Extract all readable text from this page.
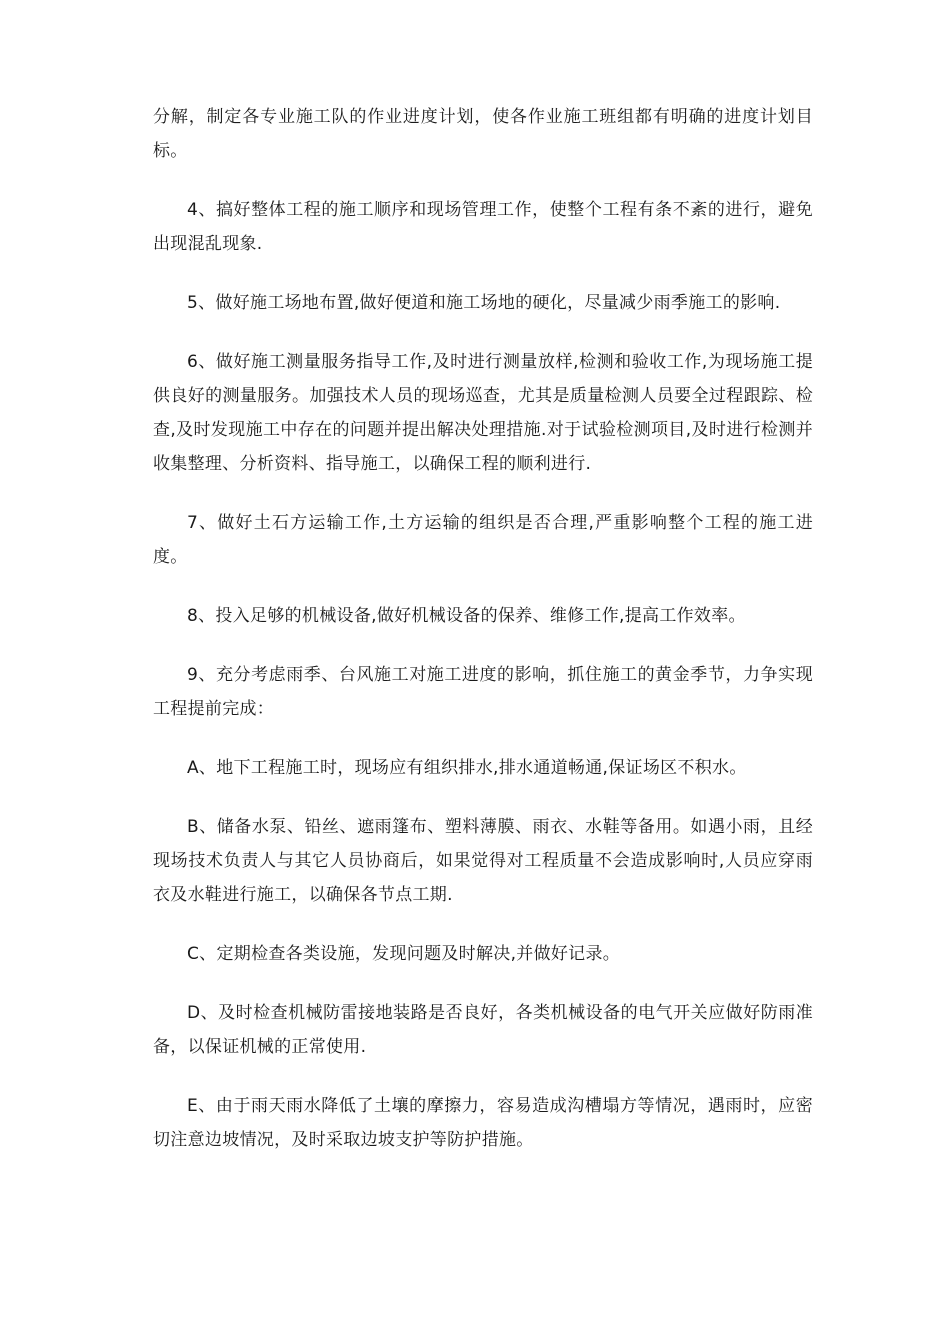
分解，制定各专业施工队的作业进度计划，使各作业施工班组都有明确的进度计划目标。

4、搞好整体工程的施工顺序和现场管理工作，使整个工程有条不紊的进行，避免出现混乱现象.

5、做好施工场地布置,做好便道和施工场地的硬化，尽量减少雨季施工的影响.

6、做好施工测量服务指导工作,及时进行测量放样,检测和验收工作,为现场施工提供良好的测量服务。加强技术人员的现场巡查，尤其是质量检测人员要全过程跟踪、检查,及时发现施工中存在的问题并提出解决处理措施.对于试验检测项目,及时进行检测并收集整理、分析资料、指导施工，以确保工程的顺利进行.

7、做好土石方运输工作,土方运输的组织是否合理,严重影响整个工程的施工进度。

8、投入足够的机械设备,做好机械设备的保养、维修工作,提高工作效率。

9、充分考虑雨季、台风施工对施工进度的影响，抓住施工的黄金季节，力争实现工程提前完成：

A、地下工程施工时，现场应有组织排水,排水通道畅通,保证场区不积水。

B、储备水泵、铅丝、遮雨篷布、塑料薄膜、雨衣、水鞋等备用。如遇小雨，且经现场技术负责人与其它人员协商后，如果觉得对工程质量不会造成影响时,人员应穿雨衣及水鞋进行施工，以确保各节点工期.

C、定期检查各类设施，发现问题及时解决,并做好记录。

D、及时检查机械防雷接地装路是否良好，各类机械设备的电气开关应做好防雨准备，以保证机械的正常使用.

E、由于雨天雨水降低了土壤的摩擦力，容易造成沟槽塌方等情况，遇雨时，应密切注意边坡情况，及时采取边坡支护等防护措施。
